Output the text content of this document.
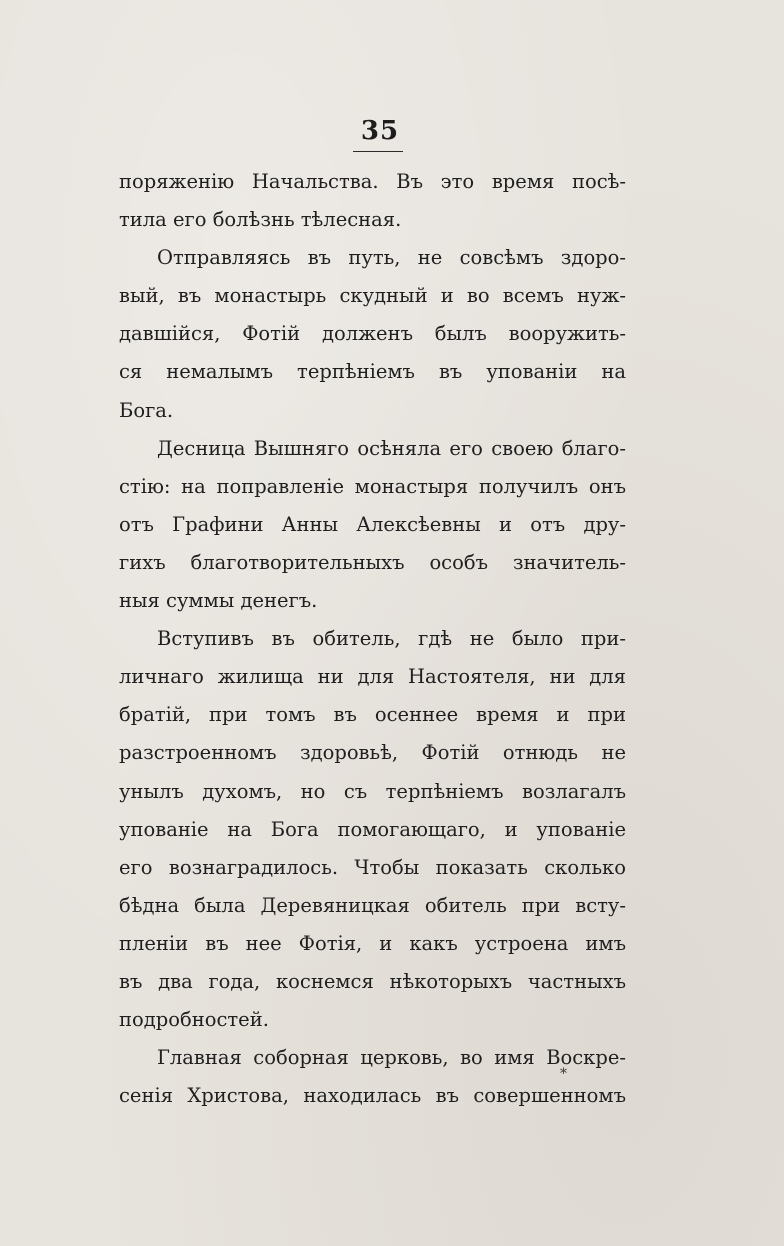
35
поряженію Начальства. Въ это время посѣ-
тила его болѣзнь тѣлесная.
Отправляясь въ путь, не совсѣмъ здоро-
вый, въ монастырь скудный и во всемъ нуж-
давшійся, Фотій долженъ былъ вооружить-
ся немалымъ терпѣніемъ въ упованіи на
Бога.
Десница Вышняго осѣняла его своею благо-
стію: на поправленіе монастыря получилъ онъ
отъ Графини Анны Алексѣевны и отъ дру-
гихъ благотворительныхъ особъ значитель-
ныя суммы денегъ.
Вступивъ въ обитель, гдѣ не было при-
личнаго жилища ни для Настоятеля, ни для
братій, при томъ въ осеннее время и при
разстроенномъ здоровьѣ, Фотій отнюдь не
унылъ духомъ, но съ терпѣніемъ возлагалъ
упованіе на Бога помогающаго, и упованіе
его вознаградилось. Чтобы показать сколько
бѣдна была Деревяницкая обитель при всту-
пленіи въ нее Фотія, и какъ устроена имъ
въ два года, коснемся нѣкоторыхъ частныхъ
подробностей.
Главная соборная церковь, во имя Воскре-
сенія Христова, находилась въ совершенномъ
*
